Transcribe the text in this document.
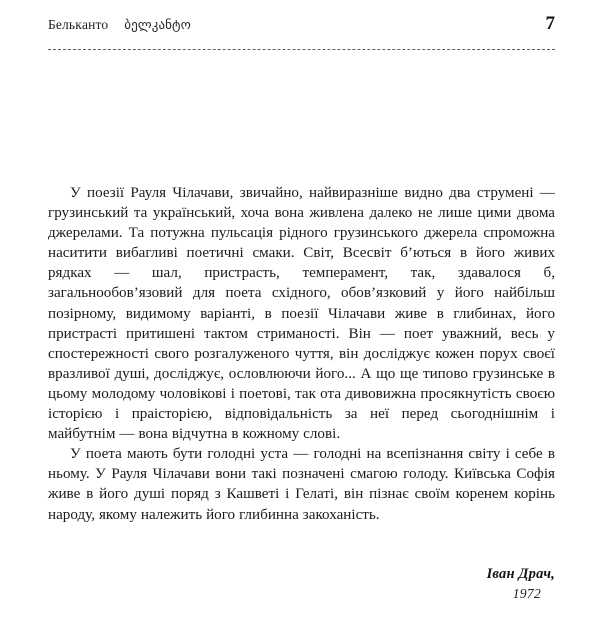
Белькaнто ბელკანტო	7

У поезії Рауля Чілачави, звичайно, найвиразніше видно два струмені — грузинський та український, хоча вона живлена далеко не лише цими двома джерелами. Та потужна пульсація рідного грузинського джерела спроможна наситити вибагливі поетичні смаки. Світ, Всесвіт б’ються в його живих рядках — шал, пристрасть, темперамент, так, здавалося б, загальнообов’язовий для поета східного, обов’язковий у його найбільш позірному, видимому варіанті, в поезії Чілачави живе в глибинах, його пристрасті притишені тактом стриманості. Він — поет уважний, весь у спостережності свого розгалуженого чуття, він досліджує кожен порух своєї вразливої душі, досліджує, ословлюючи його... А що ще типово грузинське в цьому молодому чоловікові і поетові, так ота дивовижна просякнутість своєю історією і праісторією, відповідальність за неї перед сьогоднішнім і майбутнім — вона відчутна в кожному слові.

У поета мають бути голодні уста — голодні на всепізнання світу і себе в ньому. У Рауля Чілачави вони такі позначені смагою голоду. Київська Софія живе в його душі поряд з Кашветі і Гелаті, він пізнає своїм коренем корінь народу, якому належить його глибинна закоханість.

Іван Драч,
1972
